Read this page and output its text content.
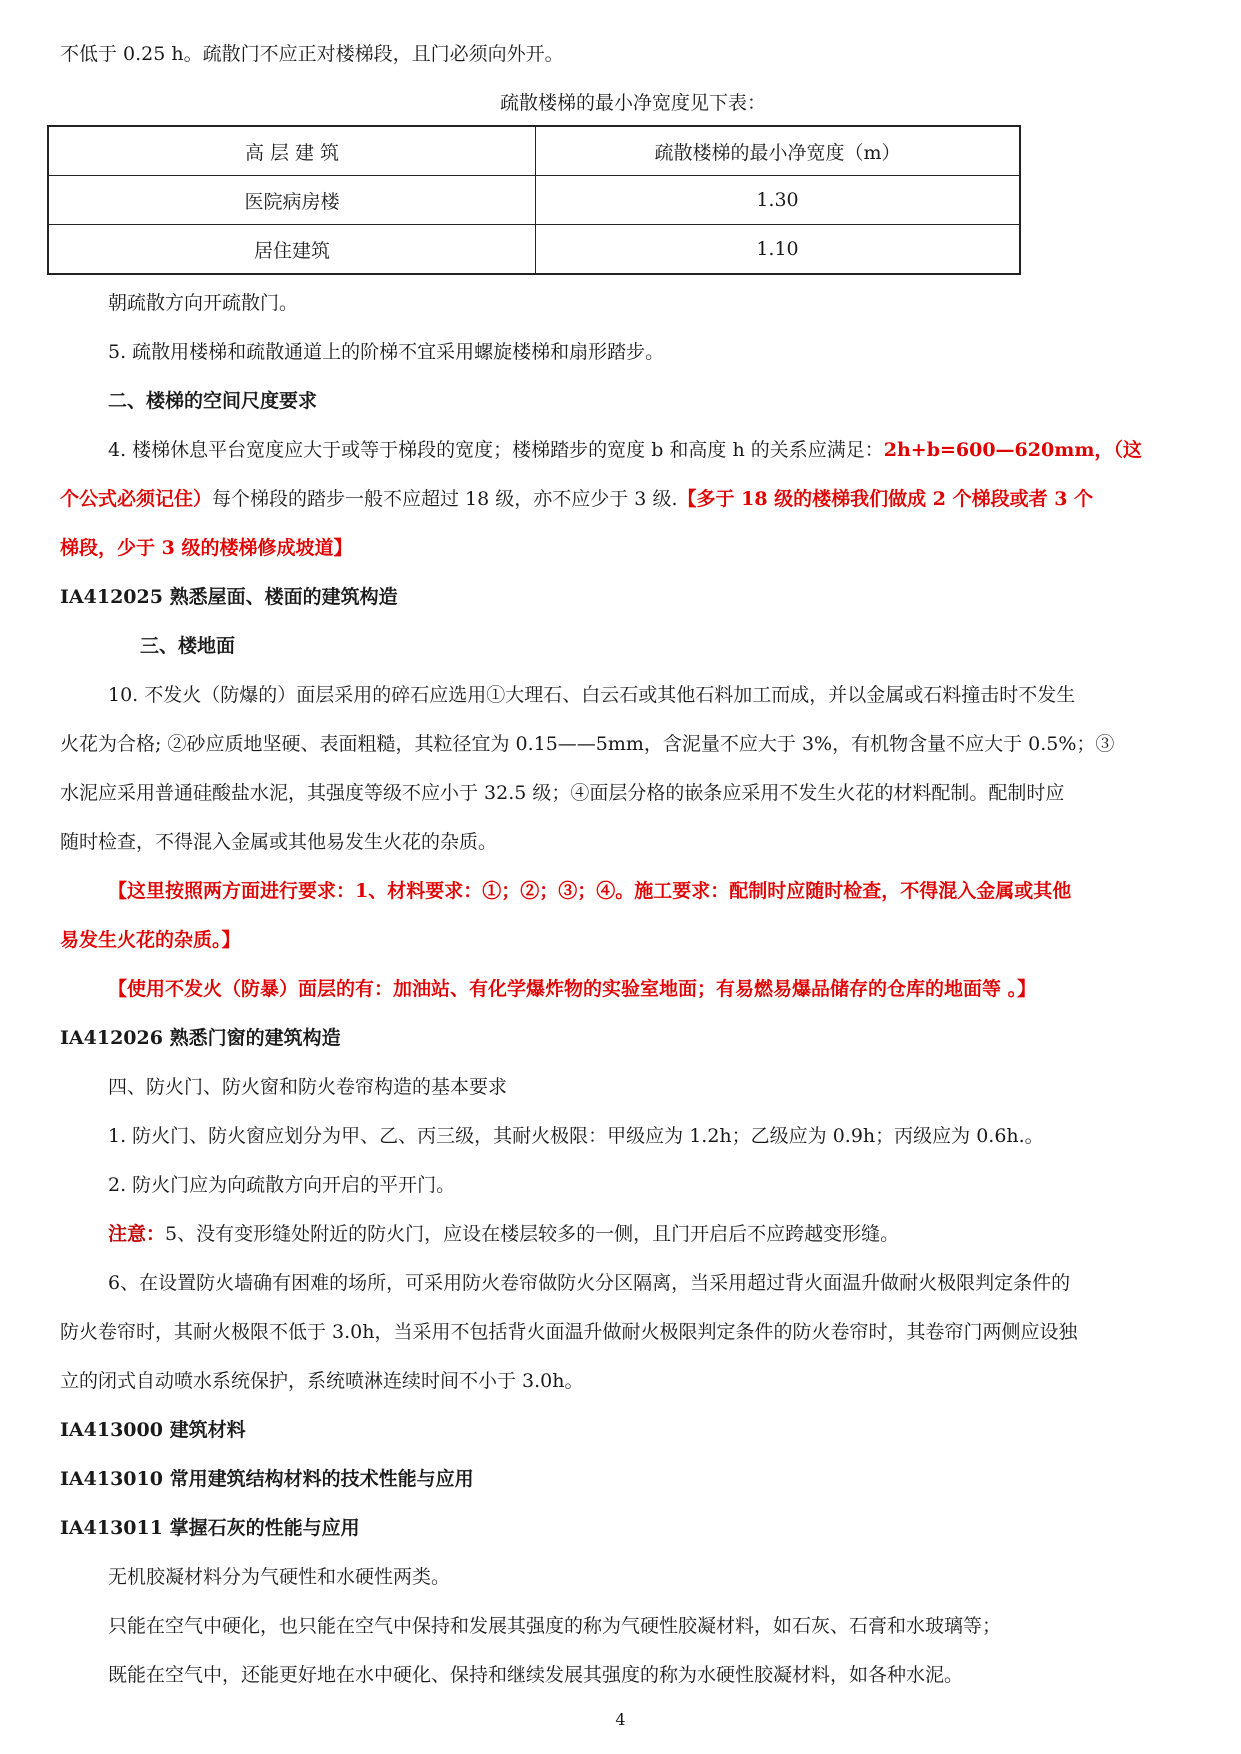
不低于 0.25 h。疏散门不应正对楼梯段，且门必须向外开。
疏散楼梯的最小净宽度见下表：
高 层 建 筑	疏散楼梯的最小净宽度（m）
医院病房楼	1.30
居住建筑	1.10
朝疏散方向开疏散门。
5. 疏散用楼梯和疏散通道上的阶梯不宜采用螺旋楼梯和扇形踏步。
二、楼梯的空间尺度要求
4. 楼梯休息平台宽度应大于或等于梯段的宽度；楼梯踏步的宽度 b 和高度 h 的关系应满足：2h+b=600—620mm，（这
个公式必须记住）每个梯段的踏步一般不应超过 18 级，亦不应少于 3 级.【多于 18 级的楼梯我们做成 2 个梯段或者 3 个
梯段，少于 3 级的楼梯修成坡道】
IA412025 熟悉屋面、楼面的建筑构造
三、楼地面
10. 不发火（防爆的）面层采用的碎石应选用①大理石、白云石或其他石料加工而成，并以金属或石料撞击时不发生
火花为合格; ②砂应质地坚硬、表面粗糙，其粒径宜为 0.15——5mm，含泥量不应大于 3%，有机物含量不应大于 0.5%；③
水泥应采用普通硅酸盐水泥，其强度等级不应小于 32.5 级；④面层分格的嵌条应采用不发生火花的材料配制。配制时应
随时检查，不得混入金属或其他易发生火花的杂质。
【这里按照两方面进行要求：1、材料要求：①；②；③；④。施工要求：配制时应随时检查，不得混入金属或其他
易发生火花的杂质。】
【使用不发火（防暴）面层的有：加油站、有化学爆炸物的实验室地面；有易燃易爆品储存的仓库的地面等 。】
IA412026 熟悉门窗的建筑构造
四、防火门、防火窗和防火卷帘构造的基本要求
1. 防火门、防火窗应划分为甲、乙、丙三级，其耐火极限：甲级应为 1.2h；乙级应为 0.9h；丙级应为 0.6h.。
2. 防火门应为向疏散方向开启的平开门。
注意：5、没有变形缝处附近的防火门，应设在楼层较多的一侧，且门开启后不应跨越变形缝。
6、在设置防火墙确有困难的场所，可采用防火卷帘做防火分区隔离，当采用超过背火面温升做耐火极限判定条件的
防火卷帘时，其耐火极限不低于 3.0h，当采用不包括背火面温升做耐火极限判定条件的防火卷帘时，其卷帘门两侧应设独
立的闭式自动喷水系统保护，系统喷淋连续时间不小于 3.0h。
IA413000 建筑材料
IA413010 常用建筑结构材料的技术性能与应用
IA413011 掌握石灰的性能与应用
无机胶凝材料分为气硬性和水硬性两类。
只能在空气中硬化，也只能在空气中保持和发展其强度的称为气硬性胶凝材料，如石灰、石膏和水玻璃等；
既能在空气中，还能更好地在水中硬化、保持和继续发展其强度的称为水硬性胶凝材料，如各种水泥。
4
